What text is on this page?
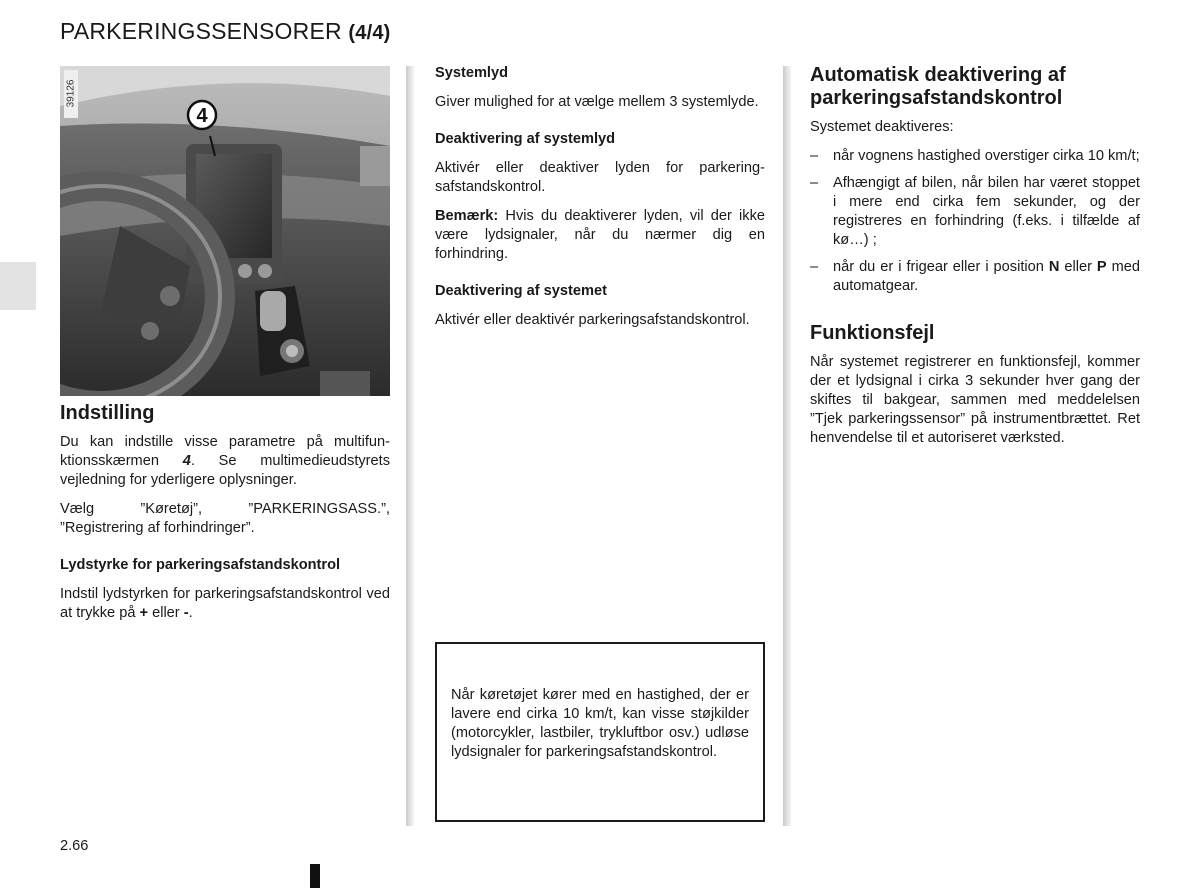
PARKERINGSSENSORER (4/4)
4
39126
Indstilling

Du kan indstille visse parametre på multifunktionsskærmen 4. Se multimedieudstyrets vejledning for yderligere oplysninger.

Vælg ”Køretøj”, ”PARKERINGSASS.”, ”Registrering af forhindringer”.

Lydstyrke for parkeringsafstandskontrol

Indstil lydstyrken for parkeringsafstandskontrol ved at trykke på + eller -.

Systemlyd

Giver mulighed for at vælge mellem 3 systemlyde.

Deaktivering af systemlyd

Aktivér eller deaktiver lyden for parkeringsafstandskontrol.

Bemærk: Hvis du deaktiverer lyden, vil der ikke være lydsignaler, når du nærmer dig en forhindring.

Deaktivering af systemet

Aktivér eller deaktivér parkeringsafstandskontrol.

Når køretøjet kører med en hastighed, der er lavere end cirka 10 km/t, kan visse støjkilder (motorcykler, lastbiler, trykluftbor osv.) udløse lydsignaler for parkeringsafstandskontrol.

Automatisk deaktivering af parkeringsafstandskontrol

Systemet deaktiveres:

– når vognens hastighed overstiger cirka 10 km/t;
– Afhængigt af bilen, når bilen har været stoppet i mere end cirka fem sekunder, og der registreres en forhindring (f.eks. i tilfælde af kø…) ;
– når du er i frigear eller i position N eller P med automatgear.
Funktionsfejl

Når systemet registrerer en funktionsfejl, kommer der et lydsignal i cirka 3 sekunder hver gang der skiftes til bakgear, sammen med meddelelsen ”Tjek parkeringssensor” på instrumentbrættet. Ret henvendelse til et autoriseret værksted.

2.66
